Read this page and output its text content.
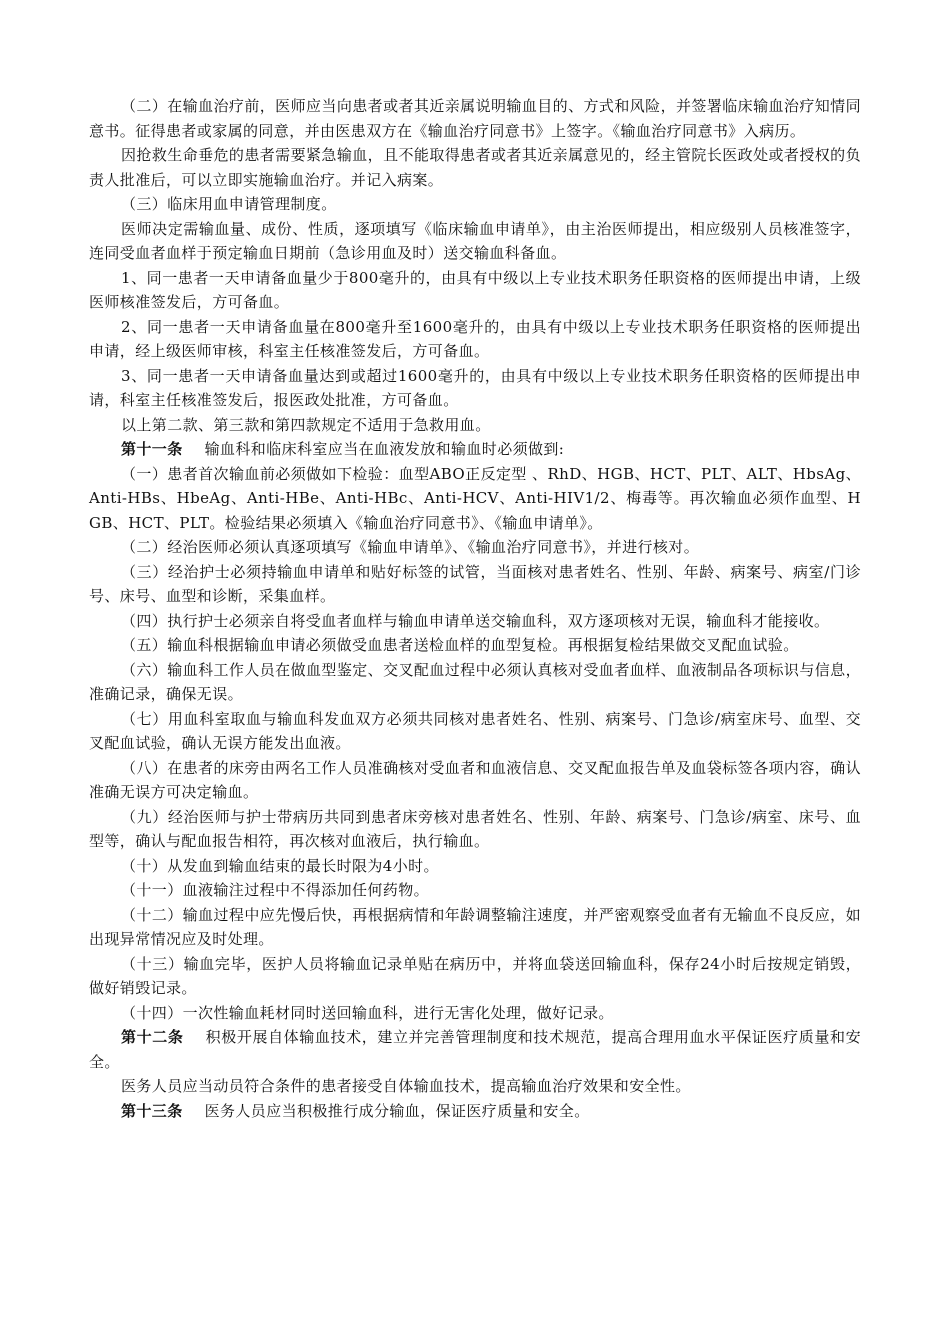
（二）在输血治疗前，医师应当向患者或者其近亲属说明输血目的、方式和风险，并签署临床输血治疗知情同意书。征得患者或家属的同意，并由医患双方在《输血治疗同意书》上签字。《输血治疗同意书》入病历。

因抢救生命垂危的患者需要紧急输血，且不能取得患者或者其近亲属意见的，经主管院长医政处或者授权的负责人批准后，可以立即实施输血治疗。并记入病案。

（三）临床用血申请管理制度。

医师决定需输血量、成份、性质，逐项填写《临床输血申请单》，由主治医师提出，相应级别人员核准签字，连同受血者血样于预定输血日期前（急诊用血及时）送交输血科备血。

1、同一患者一天申请备血量少于800毫升的，由具有中级以上专业技术职务任职资格的医师提出申请，上级医师核准签发后，方可备血。

2、同一患者一天申请备血量在800毫升至1600毫升的，由具有中级以上专业技术职务任职资格的医师提出申请，经上级医师审核，科室主任核准签发后，方可备血。

3、同一患者一天申请备血量达到或超过1600毫升的，由具有中级以上专业技术职务任职资格的医师提出申请，科室主任核准签发后，报医政处批准，方可备血。

以上第二款、第三款和第四款规定不适用于急救用血。

第十一条 输血科和临床科室应当在血液发放和输血时必须做到:

（一）患者首次输血前必须做如下检验：血型ABO正反定型 、RhD、HGB、HCT、PLT、ALT、HbsAg、Anti-HBs、HbeAg、Anti-HBe、Anti-HBc、Anti-HCV、Anti-HIV1/2、梅毒等。再次输血必须作血型、HGB、HCT、PLT。检验结果必须填入《输血治疗同意书》、《输血申请单》。

（二）经治医师必须认真逐项填写《输血申请单》、《输血治疗同意书》，并进行核对。

（三）经治护士必须持输血申请单和贴好标签的试管，当面核对患者姓名、性别、年龄、病案号、病室/门诊号、床号、血型和诊断，采集血样。

（四）执行护士必须亲自将受血者血样与输血申请单送交输血科，双方逐项核对无误，输血科才能接收。

（五）输血科根据输血申请必须做受血患者送检血样的血型复检。再根据复检结果做交叉配血试验。

（六）输血科工作人员在做血型鉴定、交叉配血过程中必须认真核对受血者血样、血液制品各项标识与信息，准确记录，确保无误。

（七）用血科室取血与输血科发血双方必须共同核对患者姓名、性别、病案号、门急诊/病室床号、血型、交叉配血试验，确认无误方能发出血液。

（八）在患者的床旁由两名工作人员准确核对受血者和血液信息、交叉配血报告单及血袋标签各项内容，确认准确无误方可决定输血。

（九）经治医师与护士带病历共同到患者床旁核对患者姓名、性别、年龄、病案号、门急诊/病室、床号、血型等，确认与配血报告相符，再次核对血液后，执行输血。

（十）从发血到输血结束的最长时限为4小时。

（十一）血液输注过程中不得添加任何药物。

（十二）输血过程中应先慢后快，再根据病情和年龄调整输注速度，并严密观察受血者有无输血不良反应，如出现异常情况应及时处理。

（十三）输血完毕，医护人员将输血记录单贴在病历中，并将血袋送回输血科，保存24小时后按规定销毁，做好销毁记录。

（十四）一次性输血耗材同时送回输血科，进行无害化处理，做好记录。

第十二条 积极开展自体输血技术，建立并完善管理制度和技术规范，提高合理用血水平保证医疗质量和安全。

医务人员应当动员符合条件的患者接受自体输血技术，提高输血治疗效果和安全性。

第十三条 医务人员应当积极推行成分输血，保证医疗质量和安全。
